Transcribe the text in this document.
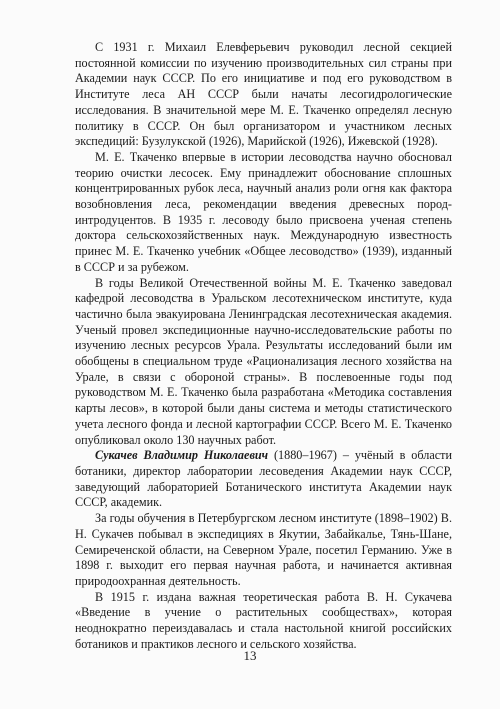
С 1931 г. Михаил Елевферьевич руководил лесной секцией постоянной комиссии по изучению производительных сил страны при Академии наук СССР. По его инициативе и под его руководством в Институте леса АН СССР были начаты лесогидрологические исследования. В значительной мере М. Е. Ткаченко определял лесную политику в СССР. Он был организатором и участником лесных экспедиций: Бузулукской (1926), Марийской (1926), Ижевской (1928).

М. Е. Ткаченко впервые в истории лесоводства научно обосновал теорию очистки лесосек. Ему принадлежит обоснование сплошных концентрированных рубок леса, научный анализ роли огня как фактора возобновления леса, рекомендации введения древесных пород-интродуцентов. В 1935 г. лесоводу было присвоена ученая степень доктора сельскохозяйственных наук. Международную известность принес М. Е. Ткаченко учебник «Общее лесоводство» (1939), изданный в СССР и за рубежом.

В годы Великой Отечественной войны М. Е. Ткаченко заведовал кафедрой лесоводства в Уральском лесотехническом институте, куда частично была эвакуирована Ленинградская лесотехническая академия. Ученый провел экспедиционные научно-исследовательские работы по изучению лесных ресурсов Урала. Результаты исследований были им обобщены в специальном труде «Рационализация лесного хозяйства на Урале, в связи с обороной страны». В послевоенные годы под руководством М. Е. Ткаченко была разработана «Методика составления карты лесов», в которой были даны система и методы статистического учета лесного фонда и лесной картографии СССР. Всего М. Е. Ткаченко опубликовал около 130 научных работ.

Сукачев Владимир Николаевич (1880–1967) – учёный в области ботаники, директор лаборатории лесоведения Академии наук СССР, заведующий лабораторией Ботанического института Академии наук СССР, академик.

За годы обучения в Петербургском лесном институте (1898–1902) В. Н. Сукачев побывал в экспедициях в Якутии, Забайкалье, Тянь-Шане, Семиреченской области, на Северном Урале, посетил Германию. Уже в 1898 г. выходит его первая научная работа, и начинается активная природоохранная деятельность.

В 1915 г. издана важная теоретическая работа В. Н. Сукачева «Введение в учение о растительных сообществах», которая неоднократно переиздавалась и стала настольной книгой российских ботаников и практиков лесного и сельского хозяйства.

13
